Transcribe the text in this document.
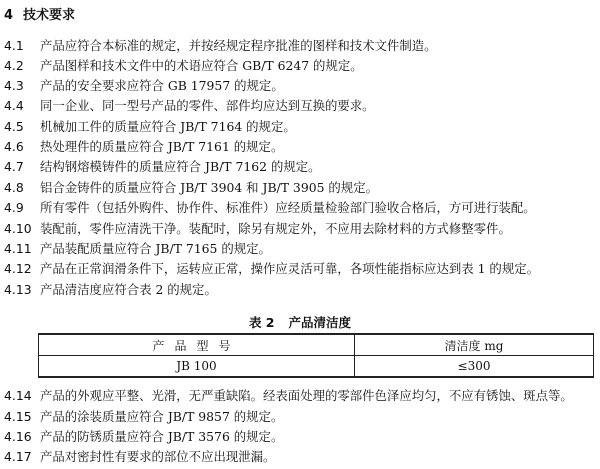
4 技术要求
4.1 产品应符合本标准的规定，并按经规定程序批准的图样和技术文件制造。
4.2 产品图样和技术文件中的术语应符合 GB/T 6247 的规定。
4.3 产品的安全要求应符合 GB 17957 的规定。
4.4 同一企业、同一型号产品的零件、部件均应达到互换的要求。
4.5 机械加工件的质量应符合 JB/T 7164 的规定。
4.6 热处理件的质量应符合 JB/T 7161 的规定。
4.7 结构钢熔模铸件的质量应符合 JB/T 7162 的规定。
4.8 铝合金铸件的质量应符合 JB/T 3904 和 JB/T 3905 的规定。
4.9 所有零件（包括外购件、协作件、标准件）应经质量检验部门验收合格后，方可进行装配。
4.10 装配前，零件应清洗干净。装配时，除另有规定外，不应用去除材料的方式修整零件。
4.11 产品装配质量应符合 JB/T 7165 的规定。
4.12 产品在正常润滑条件下，运转应正常，操作应灵活可靠，各项性能指标应达到表 1 的规定。
4.13 产品清洁度应符合表 2 的规定。
表 2 产品清洁度
产品型号	清洁度 mg
JB 100	≤300
4.14 产品的外观应平整、光滑，无严重缺陷。经表面处理的零部件色泽应均匀，不应有锈蚀、斑点等。
4.15 产品的涂装质量应符合 JB/T 9857 的规定。
4.16 产品的防锈质量应符合 JB/T 3576 的规定。
4.17 产品对密封性有要求的部位不应出现泄漏。
